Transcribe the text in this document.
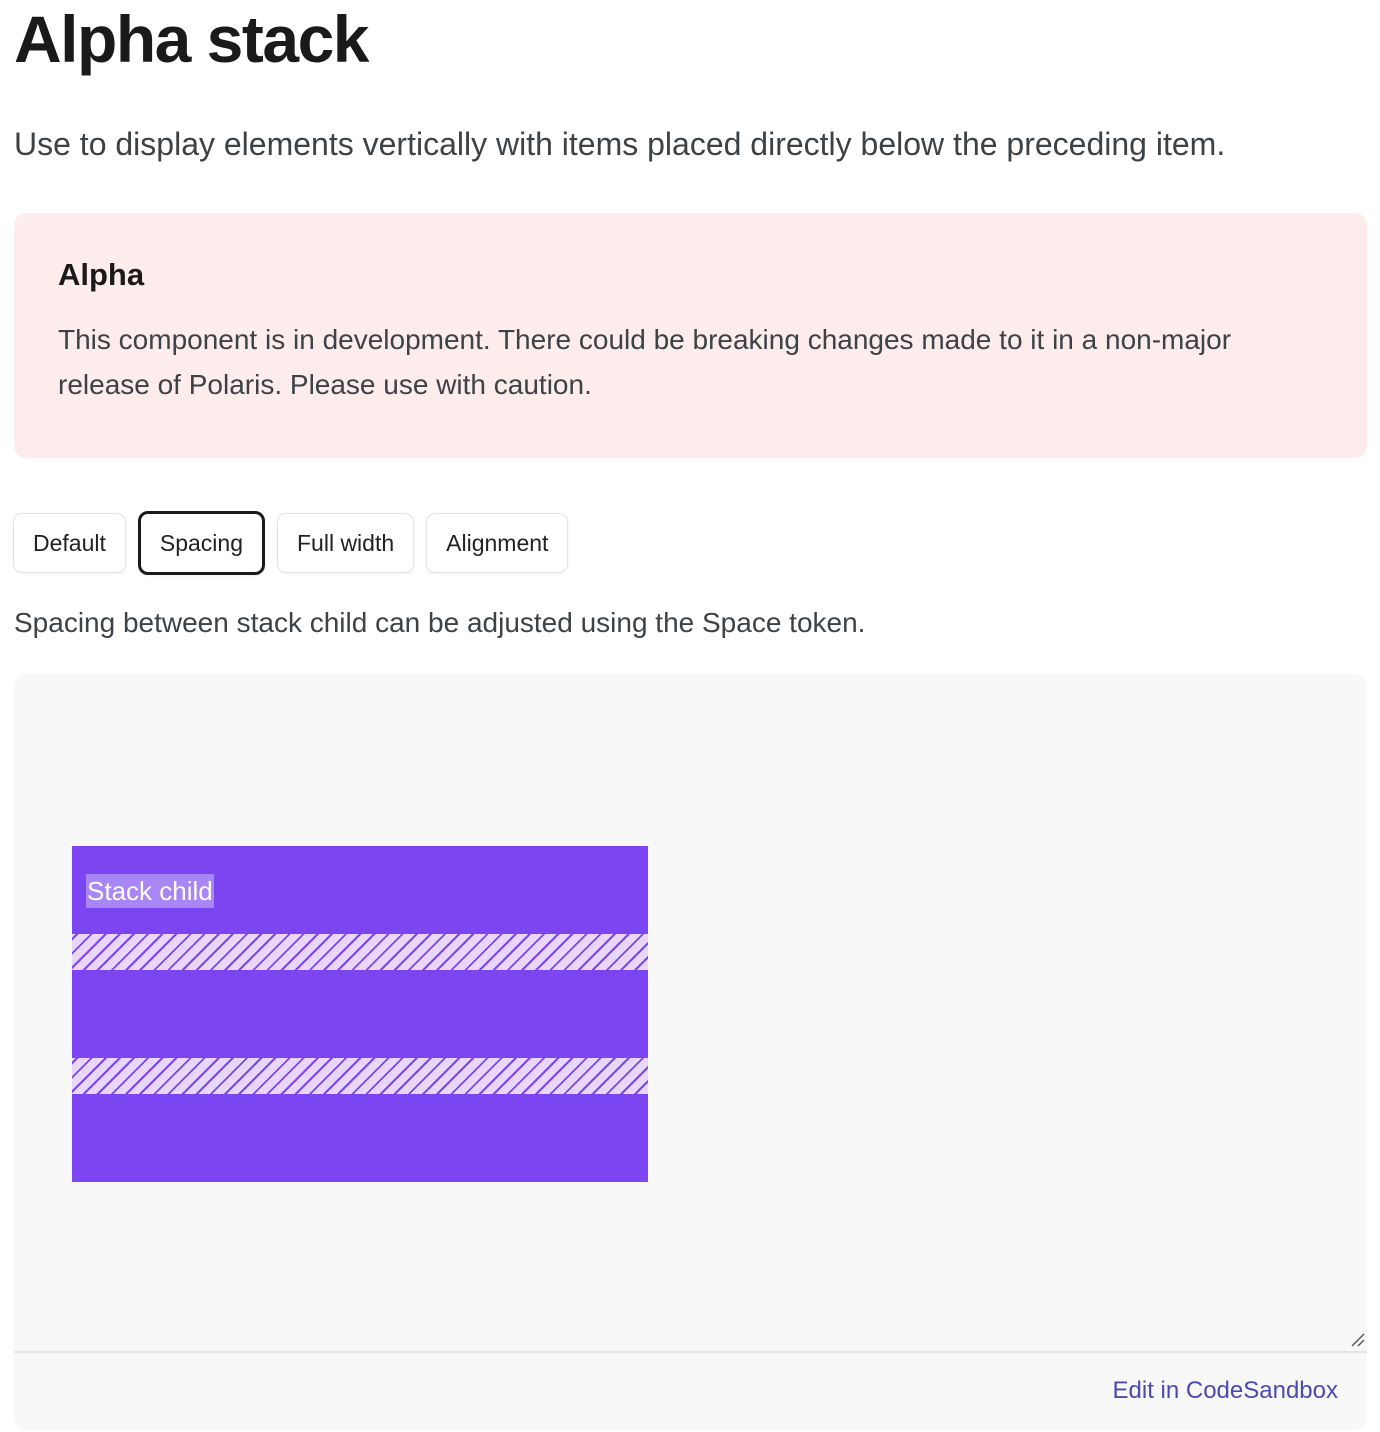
Alpha stack

Use to display elements vertically with items placed directly below the preceding item.

Alpha

This component is in development. There could be breaking changes made to it in a non-major release of Polaris. Please use with caution.

Default	Spacing	Full width	Alignment

Spacing between stack child can be adjusted using the Space token.

Stack child
Edit in CodeSandbox
